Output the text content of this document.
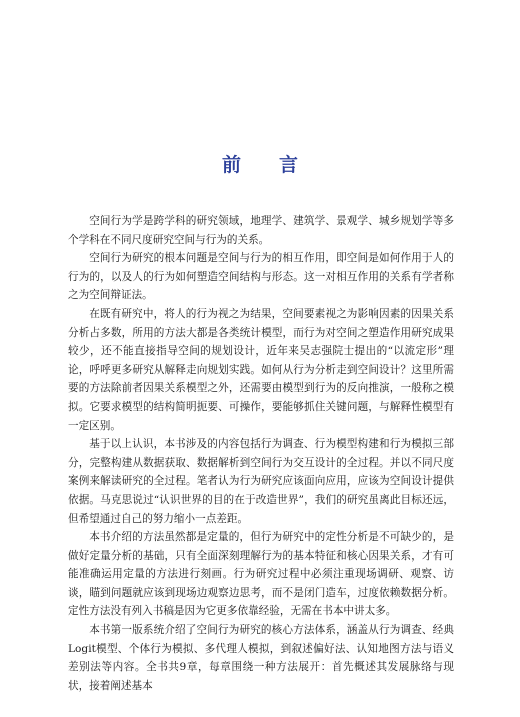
前 言

空间行为学是跨学科的研究领域，地理学、建筑学、景观学、城乡规划学等多个学科在不同尺度研究空间与行为的关系。

空间行为研究的根本问题是空间与行为的相互作用，即空间是如何作用于人的行为的，以及人的行为如何塑造空间结构与形态。这一对相互作用的关系有学者称之为空间辩证法。

在既有研究中，将人的行为视之为结果，空间要素视之为影响因素的因果关系分析占多数，所用的方法大都是各类统计模型，而行为对空间之塑造作用研究成果较少，还不能直接指导空间的规划设计，近年来吴志强院士提出的“以流定形”理论，呼呼更多研究从解释走向规划实践。如何从行为分析走到空间设计？这里所需要的方法除前者因果关系模型之外，还需要由模型到行为的反向推演，一般称之模拟。它要求模型的结构简明扼要、可操作，要能够抓住关键问题，与解释性模型有一定区别。

基于以上认识，本书涉及的内容包括行为调查、行为模型构建和行为模拟三部分，完整构建从数据获取、数据解析到空间行为交互设计的全过程。并以不同尺度案例来解读研究的全过程。笔者认为行为研究应该面向应用，应该为空间设计提供依据。马克思说过“认识世界的目的在于改造世界”，我们的研究虽离此目标还远，但希望通过自己的努力缩小一点差距。

本书介绍的方法虽然都是定量的，但行为研究中的定性分析是不可缺少的，是做好定量分析的基础，只有全面深刻理解行为的基本特征和核心因果关系，才有可能准确运用定量的方法进行刻画。行为研究过程中必须注重现场调研、观察、访谈，瞄到问题就应该到现场边观察边思考，而不是闭门造车，过度依赖数据分析。定性方法没有列入书稿是因为它更多依靠经验，无需在书本中讲太多。

本书第一版系统介绍了空间行为研究的核心方法体系，涵盖从行为调查、经典Logit模型、个体行为模拟、多代理人模拟，到叙述偏好法、认知地图方法与语义差别法等内容。全书共9章，每章围绕一种方法展开：首先概述其发展脉络与现状，接着阐述基本
